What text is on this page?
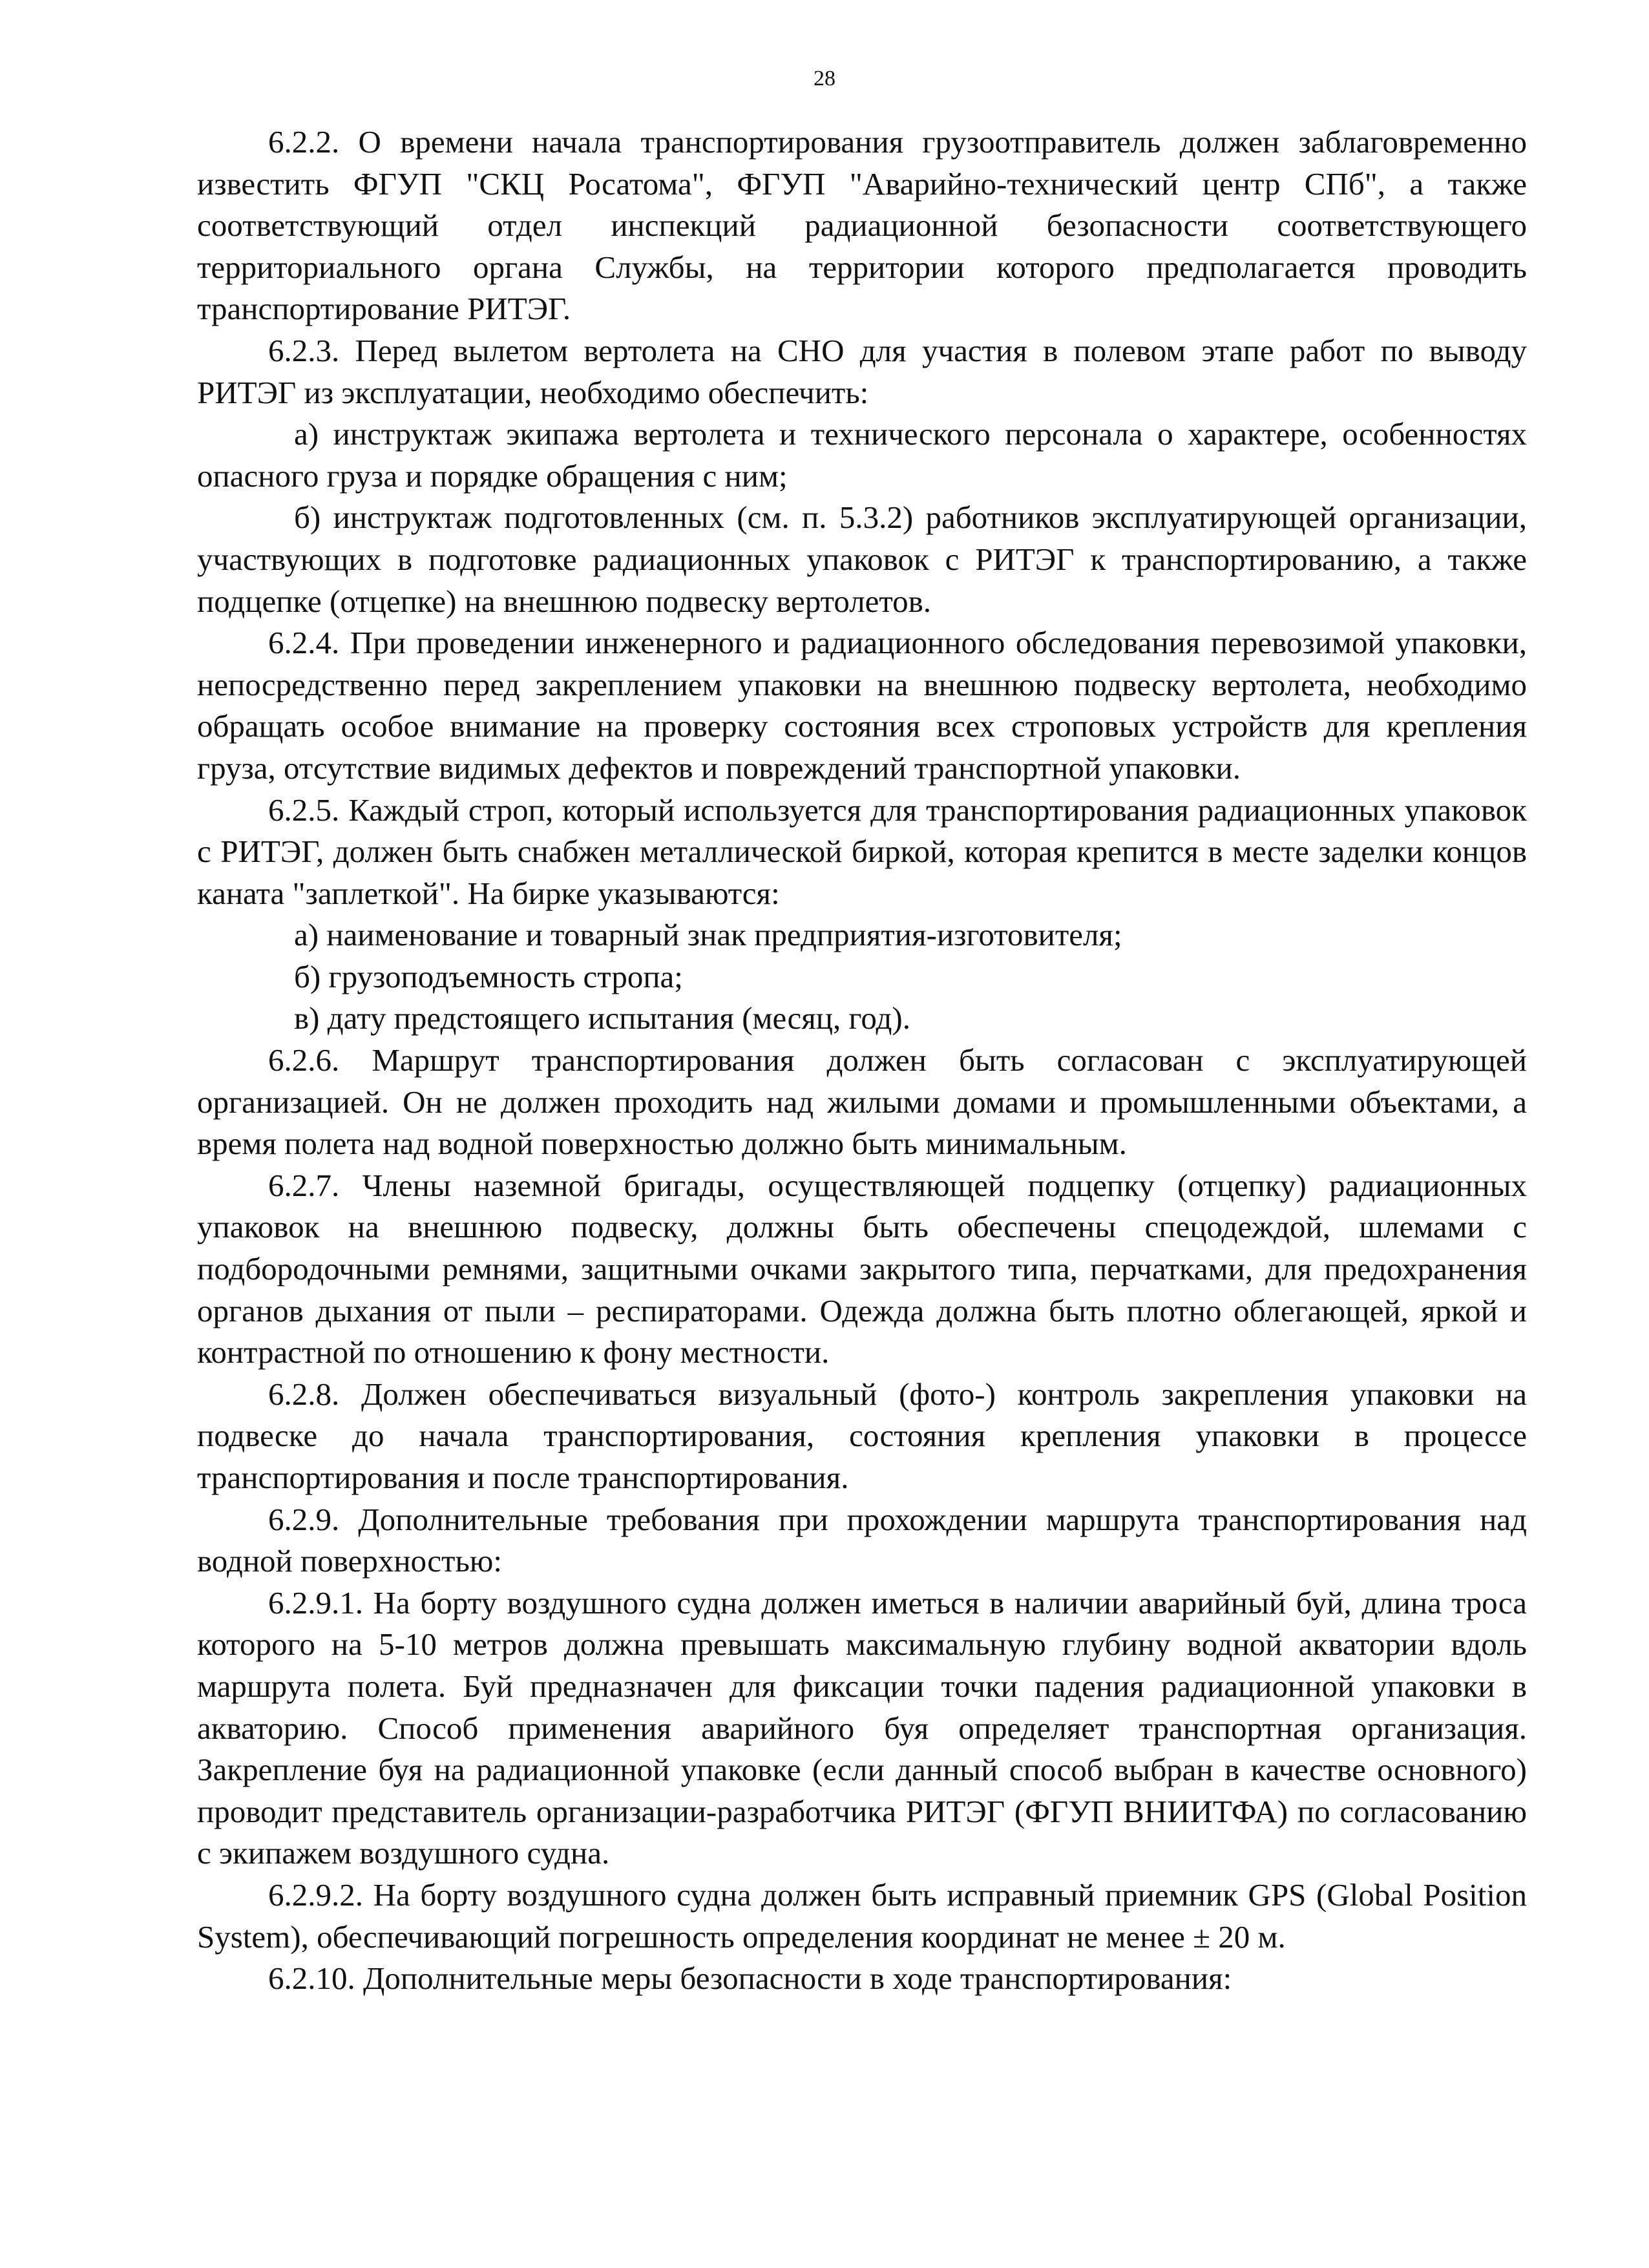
28

6.2.2. О времени начала транспортирования грузоотправитель должен заблаговременно известить ФГУП "СКЦ Росатома", ФГУП "Аварийно-технический центр СПб", а также соответствующий отдел инспекций радиационной безопасности соответствующего территориального органа Службы, на территории которого предполагается проводить транспортирование РИТЭГ.

6.2.3. Перед вылетом вертолета на СНО для участия в полевом этапе работ по выводу РИТЭГ из эксплуатации, необходимо обеспечить:

а) инструктаж экипажа вертолета и технического персонала о характере, особенностях опасного груза и порядке обращения с ним;

б) инструктаж подготовленных (см. п. 5.3.2) работников эксплуатирующей организации, участвующих в подготовке радиационных упаковок с РИТЭГ к транспортированию, а также подцепке (отцепке) на внешнюю подвеску вертолетов.

6.2.4. При проведении инженерного и радиационного обследования перевозимой упаковки, непосредственно перед закреплением упаковки на внешнюю подвеску вертолета, необходимо обращать особое внимание на проверку состояния всех строповых устройств для крепления груза, отсутствие видимых дефектов и повреждений транспортной упаковки.

6.2.5. Каждый строп, который используется для транспортирования радиационных упаковок с РИТЭГ, должен быть снабжен металлической биркой, которая крепится в месте заделки концов каната "заплеткой". На бирке указываются:

а) наименование и товарный знак предприятия-изготовителя;

б) грузоподъемность стропа;

в) дату предстоящего испытания (месяц, год).

6.2.6. Маршрут транспортирования должен быть согласован с эксплуатирующей организацией. Он не должен проходить над жилыми домами и промышленными объектами, а время полета над водной поверхностью должно быть минимальным.

6.2.7. Члены наземной бригады, осуществляющей подцепку (отцепку) радиационных упаковок на внешнюю подвеску, должны быть обеспечены спецодеждой, шлемами с подбородочными ремнями, защитными очками закрытого типа, перчатками, для предохранения органов дыхания от пыли – респираторами. Одежда должна быть плотно облегающей, яркой и контрастной по отношению к фону местности.

6.2.8. Должен обеспечиваться визуальный (фото-) контроль закрепления упаковки на подвеске до начала транспортирования, состояния крепления упаковки в процессе транспортирования и после транспортирования.

6.2.9. Дополнительные требования при прохождении маршрута транспортирования над водной поверхностью:

6.2.9.1. На борту воздушного судна должен иметься в наличии аварийный буй, длина троса которого на 5-10 метров должна превышать максимальную глубину водной акватории вдоль маршрута полета. Буй предназначен для фиксации точки падения радиационной упаковки в акваторию. Способ применения аварийного буя определяет транспортная организация. Закрепление буя на радиационной упаковке (если данный способ выбран в качестве основного) проводит представитель организации-разработчика РИТЭГ (ФГУП ВНИИТФА) по согласованию с экипажем воздушного судна.

6.2.9.2. На борту воздушного судна должен быть исправный приемник GPS (Global Position System), обеспечивающий погрешность определения координат не менее ± 20 м.

6.2.10. Дополнительные меры безопасности в ходе транспортирования:
